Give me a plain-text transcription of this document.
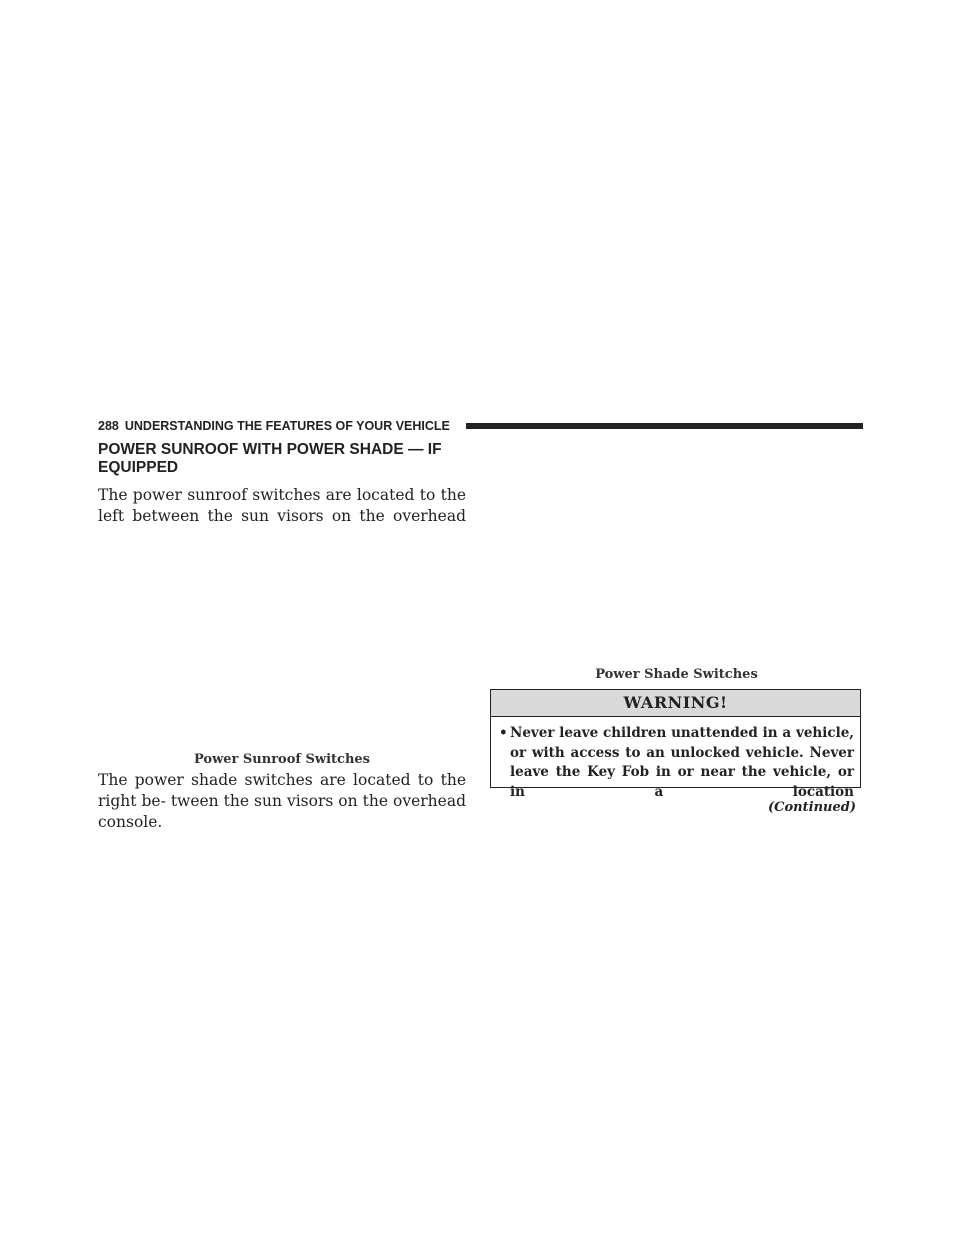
288 UNDERSTANDING THE FEATURES OF YOUR VEHICLE
POWER SUNROOF WITH POWER SHADE — IF EQUIPPED

The power sunroof switches are located to the left between the sun visors on the overhead

Power Sunroof Switches

The power shade switches are located to the right be- tween the sun visors on the overhead console.

Power Shade Switches

WARNING!
• Never leave children unattended in a vehicle, or with access to an unlocked vehicle. Never leave the Key Fob in or near the vehicle, or in a location

(Continued)
